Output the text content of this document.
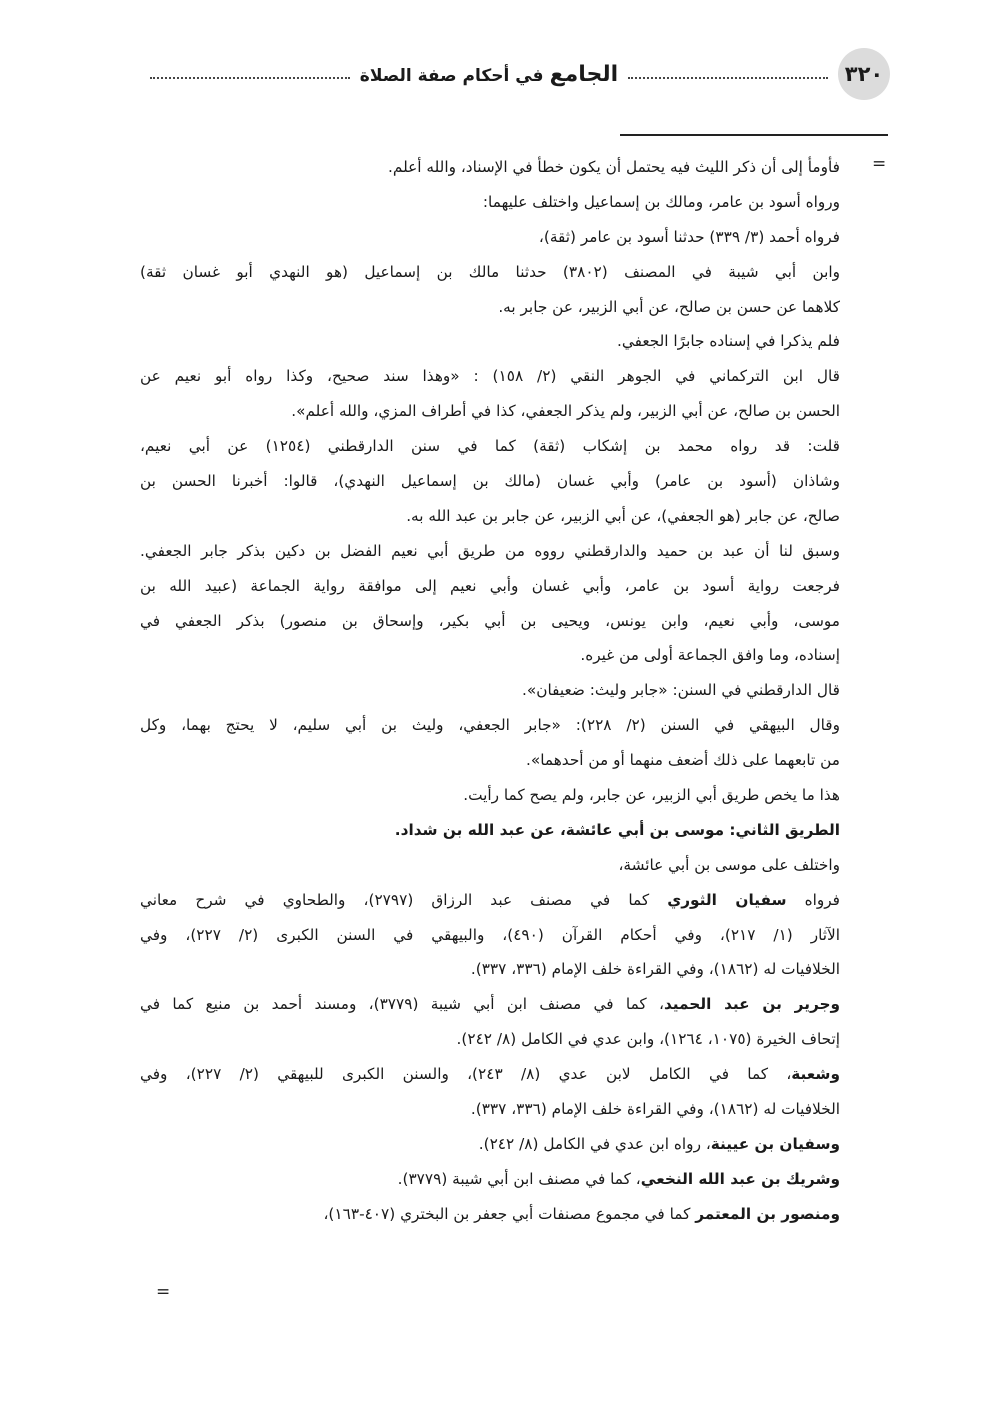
٣٢٠
الجامع في أحكام صفة الصلاة
=
=
فأومأ إلى أن ذكر الليث فيه يحتمل أن يكون خطأ في الإسناد، والله أعلم.
ورواه أسود بن عامر، ومالك بن إسماعيل واختلف عليهما:
فرواه أحمد (٣/ ٣٣٩) حدثنا أسود بن عامر (ثقة)،
وابن أبي شيبة في المصنف (٣٨٠٢) حدثنا مالك بن إسماعيل (هو النهدي أبو غسان ثقة)
كلاهما عن حسن بن صالح، عن أبي الزبير، عن جابر به.
فلم يذكرا في إسناده جابرًا الجعفي.
قال ابن التركماني في الجوهر النقي (٢/ ١٥٨) : «وهذا سند صحيح، وكذا رواه أبو نعيم عن
الحسن بن صالح، عن أبي الزبير، ولم يذكر الجعفي، كذا في أطراف المزي، والله أعلم».
قلت: قد رواه محمد بن إشكاب (ثقة) كما في سنن الدارقطني (١٢٥٤) عن أبي نعيم،
وشاذان (أسود بن عامر) وأبي غسان (مالك بن إسماعيل النهدي)، قالوا: أخبرنا الحسن بن
صالح، عن جابر (هو الجعفي)، عن أبي الزبير، عن جابر بن عبد الله به.
وسبق لنا أن عبد بن حميد والدارقطني رووه من طريق أبي نعيم الفضل بن دكين بذكر جابر الجعفي.
فرجعت رواية أسود بن عامر، وأبي غسان وأبي نعيم إلى موافقة رواية الجماعة (عبيد الله بن
موسى، وأبي نعيم، وابن يونس، ويحيى بن أبي بكير، وإسحاق بن منصور) بذكر الجعفي في
إسناده، وما وافق الجماعة أولى من غيره.
قال الدارقطني في السنن: «جابر وليث: ضعيفان».
وقال البيهقي في السنن (٢/ ٢٢٨): «جابر الجعفي، وليث بن أبي سليم، لا يحتج بهما، وكل
من تابعهما على ذلك أضعف منهما أو من أحدهما».
هذا ما يخص طريق أبي الزبير، عن جابر، ولم يصح كما رأيت.
الطريق الثاني: موسى بن أبي عائشة، عن عبد الله بن شداد.
واختلف على موسى بن أبي عائشة،
فرواه سفيان الثوري كما في مصنف عبد الرزاق (٢٧٩٧)، والطحاوي في شرح معاني
الآثار (١/ ٢١٧)، وفي أحكام القرآن (٤٩٠)، والبيهقي في السنن الكبرى (٢/ ٢٢٧)، وفي
الخلافيات له (١٨٦٢)، وفي القراءة خلف الإمام (٣٣٦، ٣٣٧).
وجرير بن عبد الحميد، كما في مصنف ابن أبي شيبة (٣٧٧٩)، ومسند أحمد بن منيع كما في
إتحاف الخيرة (١٠٧٥، ١٢٦٤)، وابن عدي في الكامل (٨/ ٢٤٢).
وشعبة، كما في الكامل لابن عدي (٨/ ٢٤٣)، والسنن الكبرى للبيهقي (٢/ ٢٢٧)، وفي
الخلافيات له (١٨٦٢)، وفي القراءة خلف الإمام (٣٣٦، ٣٣٧).
وسفيان بن عيينة، رواه ابن عدي في الكامل (٨/ ٢٤٢).
وشريك بن عبد الله النخعي، كما في مصنف ابن أبي شيبة (٣٧٧٩).
ومنصور بن المعتمر كما في مجموع مصنفات أبي جعفر بن البختري (٤٠٧-١٦٣)،
